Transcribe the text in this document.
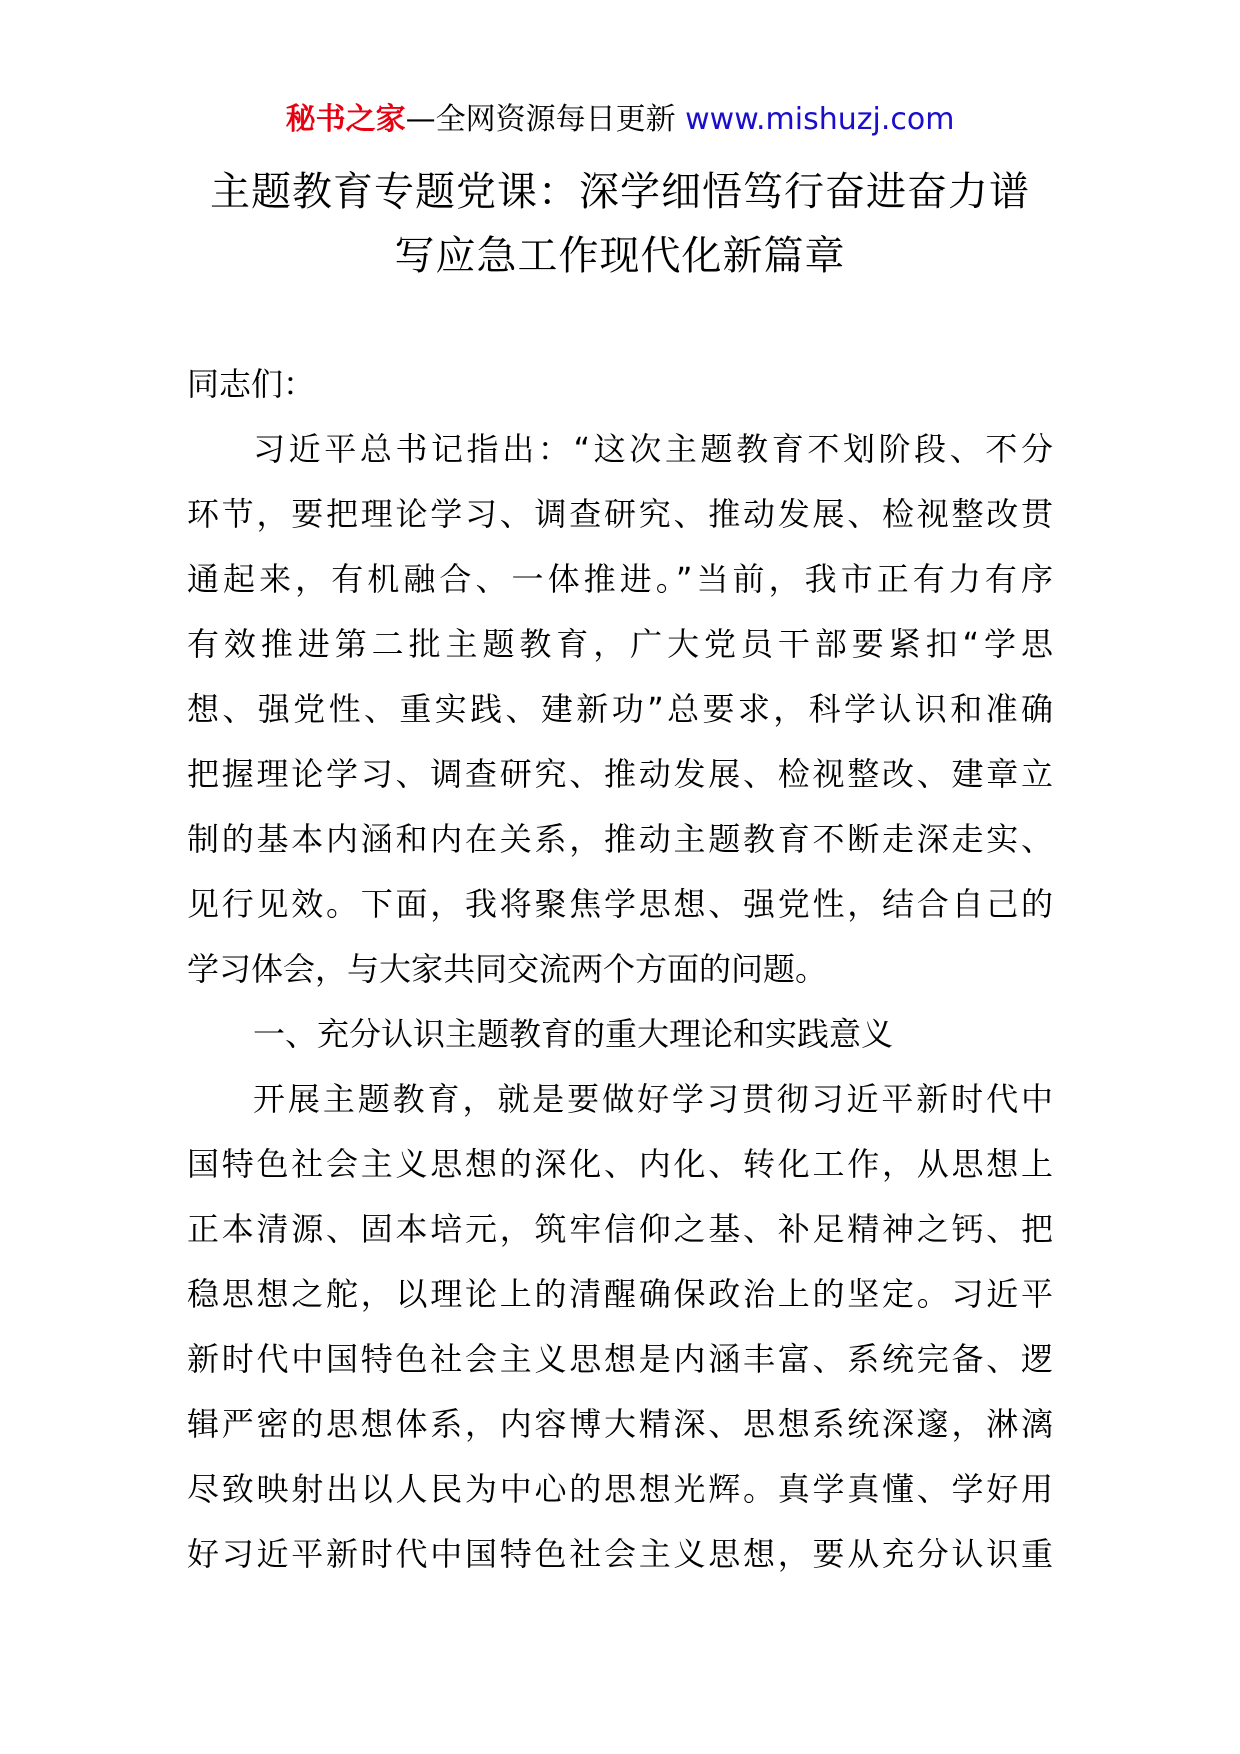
秘书之家—全网资源每日更新 www.mishuzj.com
主题教育专题党课：深学细悟笃行奋进奋力谱
写应急工作现代化新篇章
同志们：
习近平总书记指出：“这次主题教育不划阶段、不分
环节，要把理论学习、调查研究、推动发展、检视整改贯
通起来，有机融合、一体推进。”当前，我市正有力有序
有效推进第二批主题教育，广大党员干部要紧扣“学思
想、强党性、重实践、建新功”总要求，科学认识和准确
把握理论学习、调查研究、推动发展、检视整改、建章立
制的基本内涵和内在关系，推动主题教育不断走深走实、
见行见效。下面，我将聚焦学思想、强党性，结合自己的
学习体会，与大家共同交流两个方面的问题。
一、充分认识主题教育的重大理论和实践意义
开展主题教育，就是要做好学习贯彻习近平新时代中
国特色社会主义思想的深化、内化、转化工作，从思想上
正本清源、固本培元，筑牢信仰之基、补足精神之钙、把
稳思想之舵，以理论上的清醒确保政治上的坚定。习近平
新时代中国特色社会主义思想是内涵丰富、系统完备、逻
辑严密的思想体系，内容博大精深、思想系统深邃，淋漓
尽致映射出以人民为中心的思想光辉。真学真懂、学好用
好习近平新时代中国特色社会主义思想，要从充分认识重
